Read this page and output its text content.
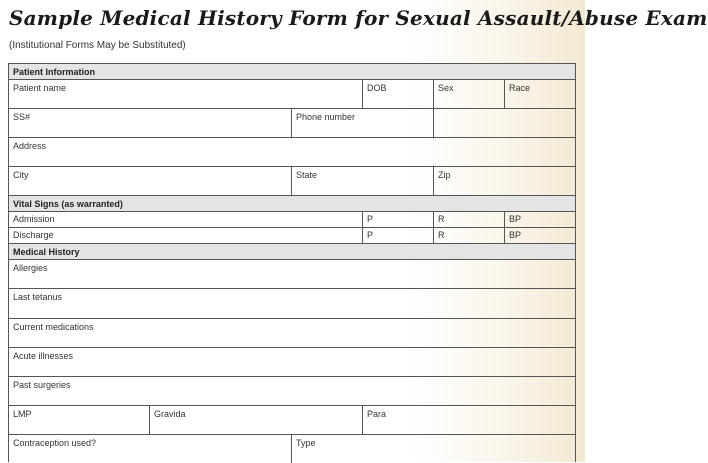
Sample Medical History Form for Sexual Assault/Abuse Exam
(Institutional Forms May be Substituted)
Patient Information
Patient name	DOB	Sex	Race
SS#	Phone number
Address
City	State	Zip
Vital Signs (as warranted)
Admission	P	R	BP
Discharge	P	R	BP
Medical History
Allergies
Last tetanus
Current medications
Acute illnesses
Past surgeries
LMP	Gravida	Para
Contraception used?	Type
